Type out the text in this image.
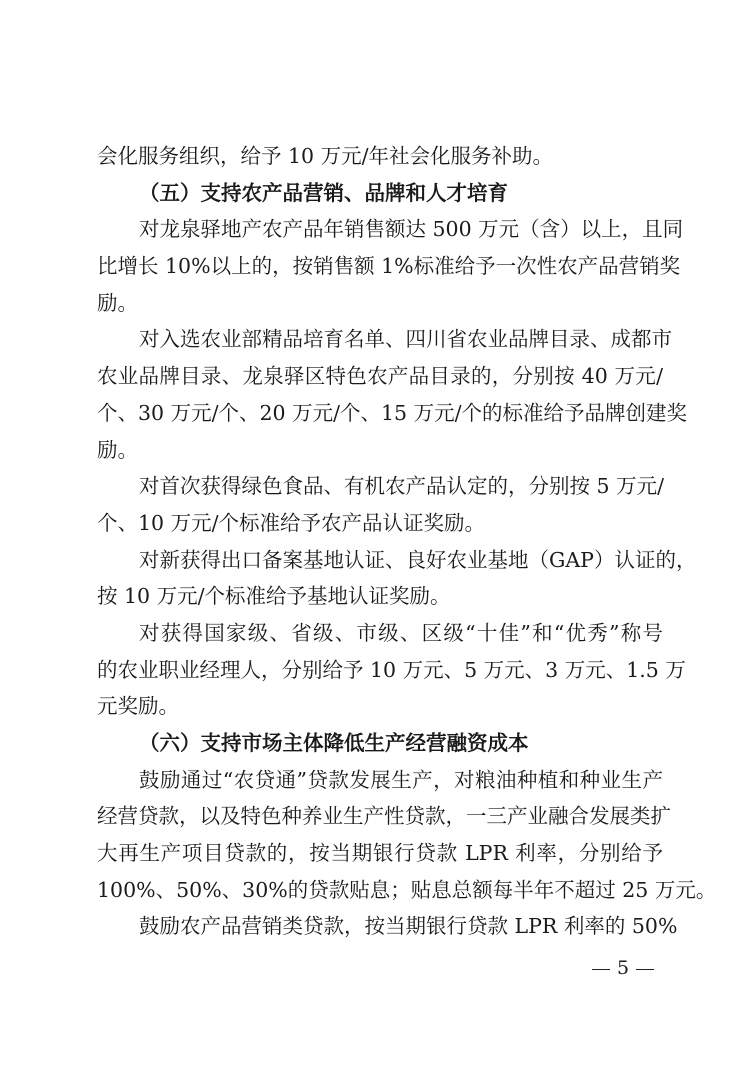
会化服务组织，给予 10 万元/年社会化服务补助。
（五）支持农产品营销、品牌和人才培育
对龙泉驿地产农产品年销售额达 500 万元（含）以上，且同
比增长 10%以上的，按销售额 1%标准给予一次性农产品营销奖
励。
对入选农业部精品培育名单、四川省农业品牌目录、成都市
农业品牌目录、龙泉驿区特色农产品目录的，分别按 40 万元/
个、30 万元/个、20 万元/个、15 万元/个的标准给予品牌创建奖
励。
对首次获得绿色食品、有机农产品认定的，分别按 5 万元/
个、10 万元/个标准给予农产品认证奖励。
对新获得出口备案基地认证、良好农业基地（GAP）认证的，
按 10 万元/个标准给予基地认证奖励。
对获得国家级、省级、市级、区级“十佳”和“优秀”称号
的农业职业经理人，分别给予 10 万元、5 万元、3 万元、1.5 万
元奖励。
（六）支持市场主体降低生产经营融资成本
鼓励通过“农贷通”贷款发展生产，对粮油种植和种业生产
经营贷款，以及特色种养业生产性贷款，一三产业融合发展类扩
大再生产项目贷款的，按当期银行贷款 LPR 利率，分别给予
100%、50%、30%的贷款贴息；贴息总额每半年不超过 25 万元。
鼓励农产品营销类贷款，按当期银行贷款 LPR 利率的 50%
5
